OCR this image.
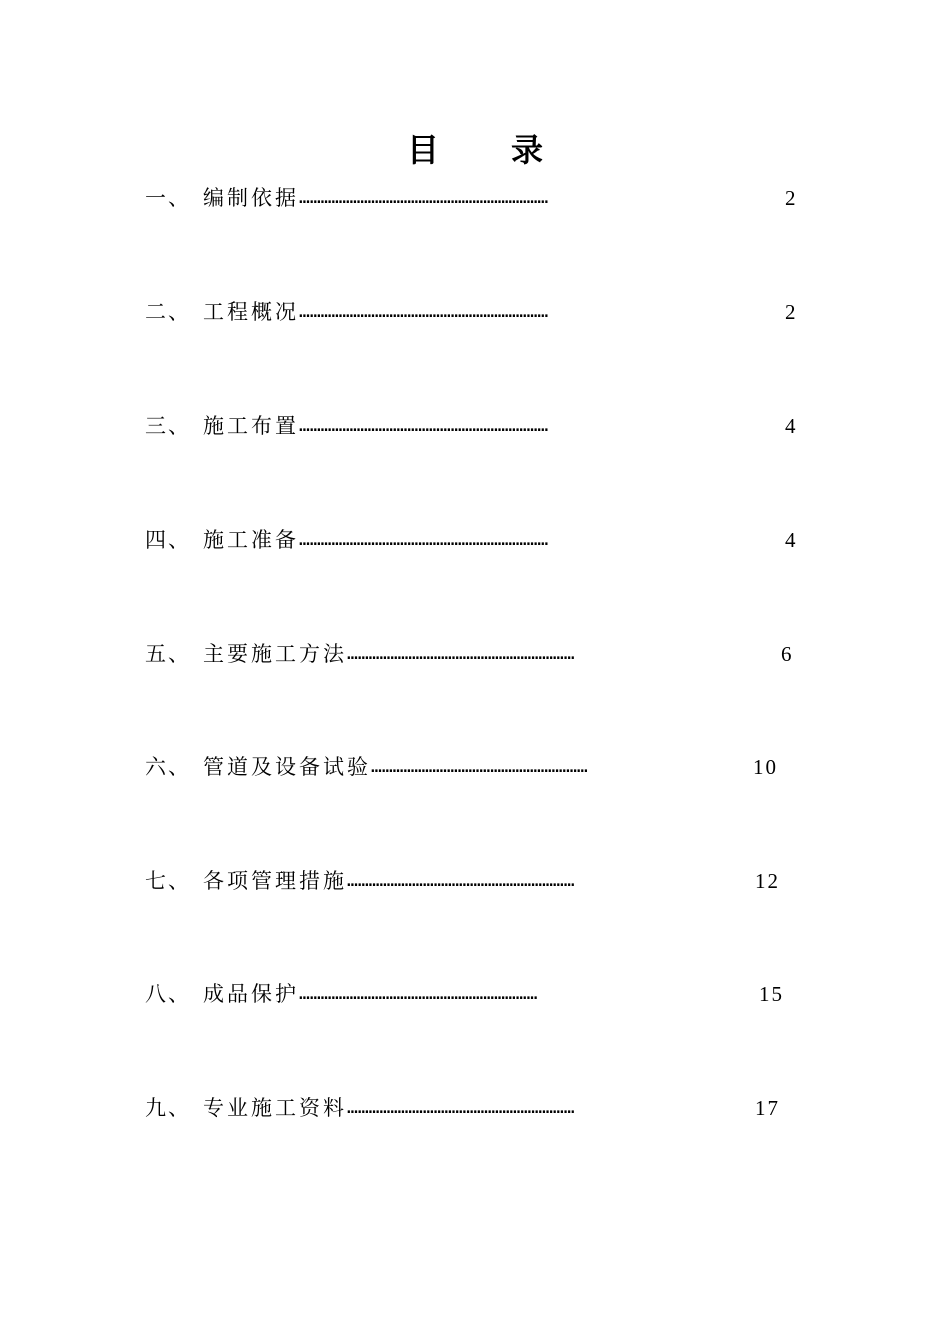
目 录
一、 编制依据 ……………………………………………………………	2
二、 工程概况 ……………………………………………………………	2
三、 施工布置 ……………………………………………………………	4
四、 施工准备 ……………………………………………………………	4
五、 主要施工方法 ………………………………………………………	6
六、 管道及设备试验 ……………………………………………………	10
七、 各项管理措施 ………………………………………………………	12
八、 成品保护 …………………………………………………………	15
九、 专业施工资料 ………………………………………………………	17
